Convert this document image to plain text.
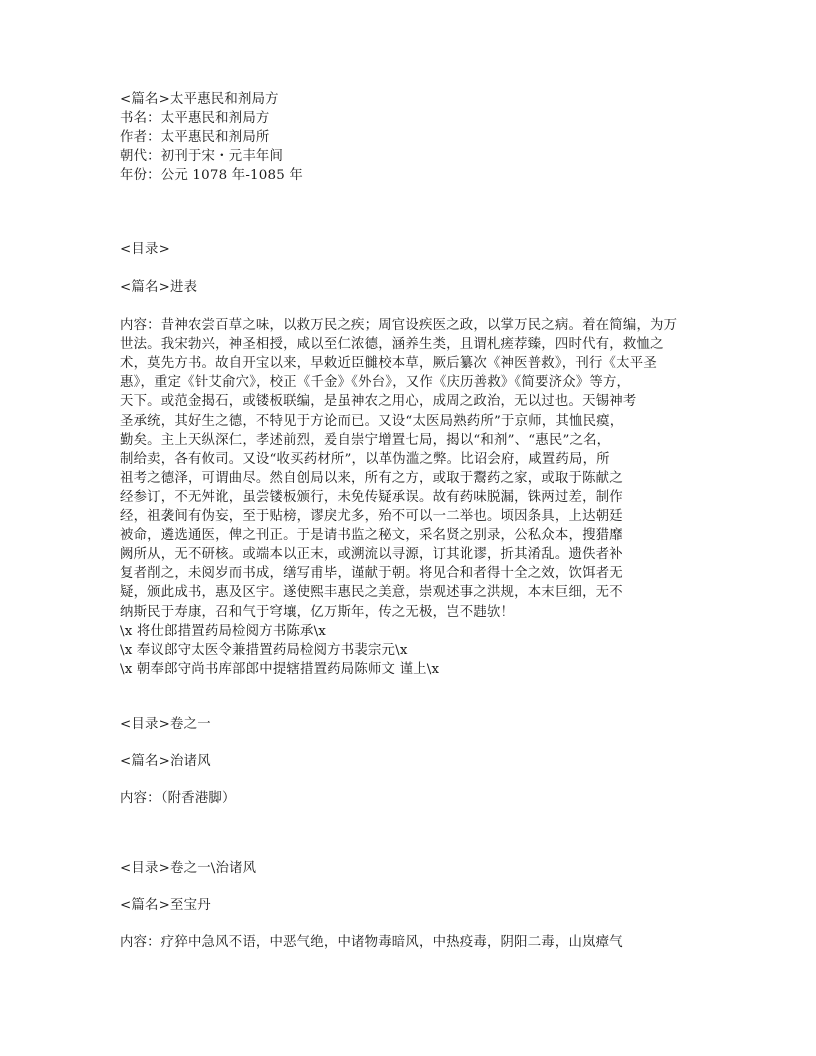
<篇名>太平惠民和剂局方
书名：太平惠民和剂局方
作者：太平惠民和剂局所
朝代：初刊于宋・元丰年间
年份：公元 1078 年-1085 年
<目录>
<篇名>进表
内容：昔神农尝百草之味，以救万民之疾；周官设疾医之政，以掌万民之病。着在简编，为万
世法。我宋勃兴，神圣相授，咸以至仁浓德，涵养生类，且谓札瘥荐臻，四时代有，救恤之
术，莫先方书。故自开宝以来，早敕近臣雠校本草，厥后纂次《神医普救》，刊行《太平圣
惠》，重定《针艾俞穴》，校正《千金》《外台》，又作《庆历善救》《简要济众》等方，
天下。或范金揭石，或镂板联编，是虽神农之用心，成周之政治，无以过也。天锡神考
圣承统，其好生之德，不特见于方论而已。又设“太医局熟药所”于京师，其恤民瘼，
勤矣。主上天纵深仁，孝述前烈，爰自崇宁增置七局，揭以“和剂”、“惠民”之名，
制给卖，各有攸司。又设“收买药材所”，以革伪滥之弊。比诏会府，咸置药局，所
祖考之德泽，可谓曲尽。然自创局以来，所有之方，或取于鬻药之家，或取于陈献之
经参订，不无舛讹，虽尝镂板颁行，未免传疑承误。故有药味脱漏，铢两过差，制作
经，祖袭间有伪妄，至于贴榜，谬戾尤多，殆不可以一二举也。顷因条具，上达朝廷
被命，遴选通医，俾之刊正。于是请书监之秘文，采名贤之别录，公私众本，搜猎靡
阙所从，无不研核。或端本以正末，或溯流以寻源，订其讹谬，折其淆乱。遗佚者补
复者削之，未阅岁而书成，缮写甫毕，谨献于朝。将见合和者得十全之效，饮饵者无
疑，颁此成书，惠及区宇。遂使熙丰惠民之美意，崇观述事之洪规，本末巨细，无不
纳斯民于寿康，召和气于穹壤，亿万斯年，传之无极，岂不韪欤！
\x 将仕郎措置药局检阅方书陈承\x
\x 奉议郎守太医令兼措置药局检阅方书裴宗元\x
\x 朝奉郎守尚书库部郎中提辖措置药局陈师文 谨上\x
<目录>卷之一
<篇名>治诸风
内容：（附香港脚）
<目录>卷之一\治诸风
<篇名>至宝丹
内容：疗猝中急风不语，中恶气绝，中诸物毒暗风，中热疫毒，阴阳二毒，山岚瘴气
